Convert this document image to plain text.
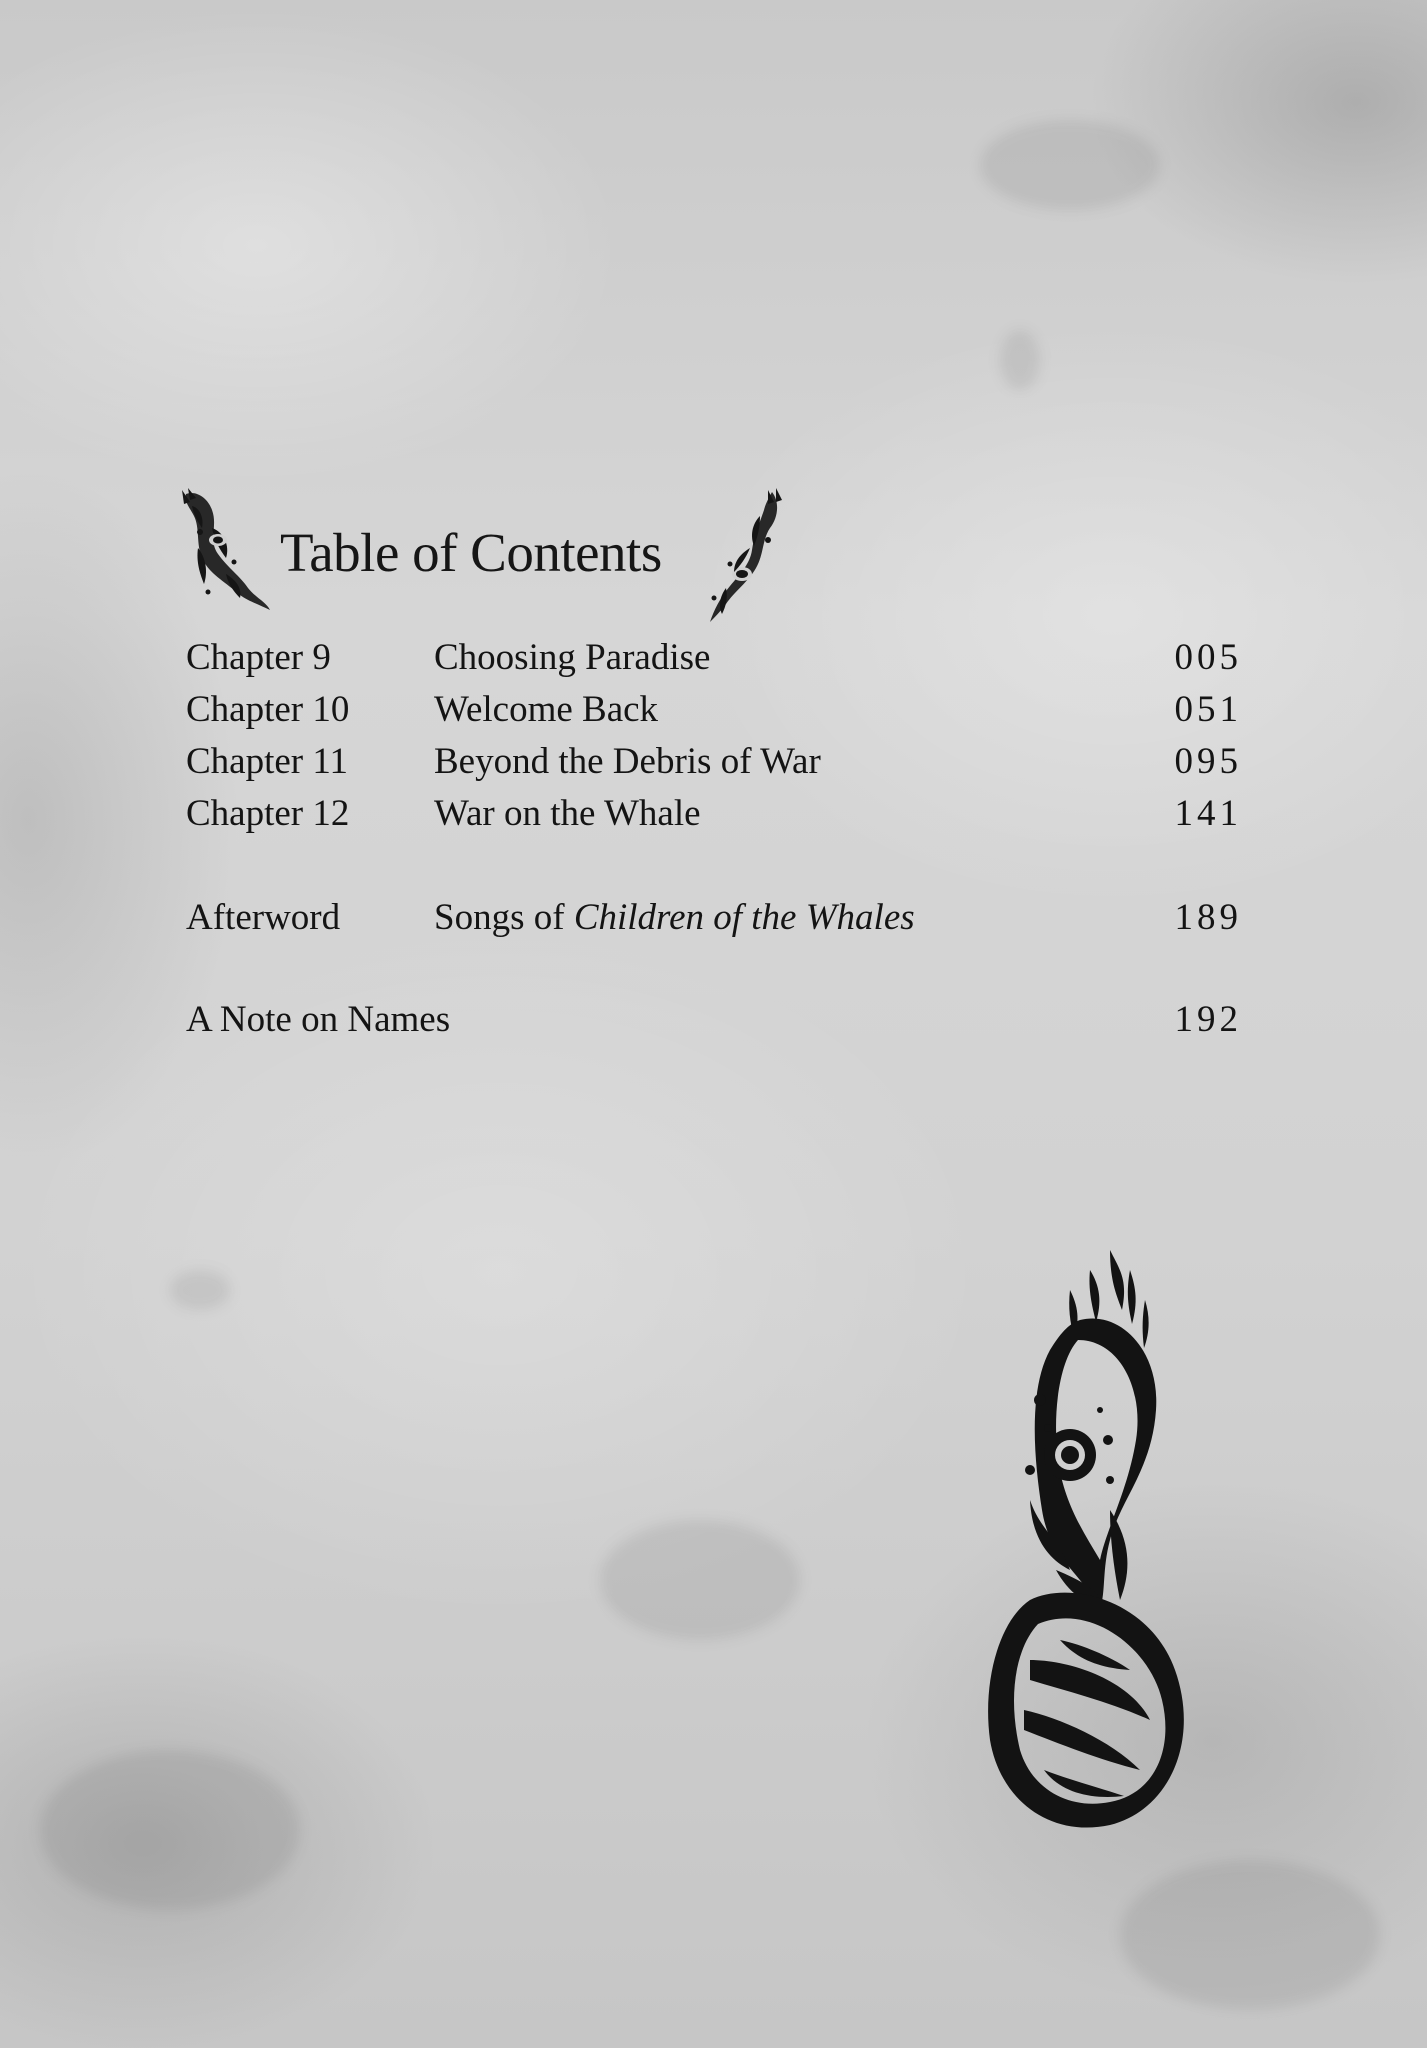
Table of Contents
Chapter 9	Choosing Paradise	005
Chapter 10 Welcome Back	051
Chapter 11 Beyond the Debris of War	095
Chapter 12 War on the Whale	141
Afterword	Songs of Children of the Whales	189
A Note on Names	192
